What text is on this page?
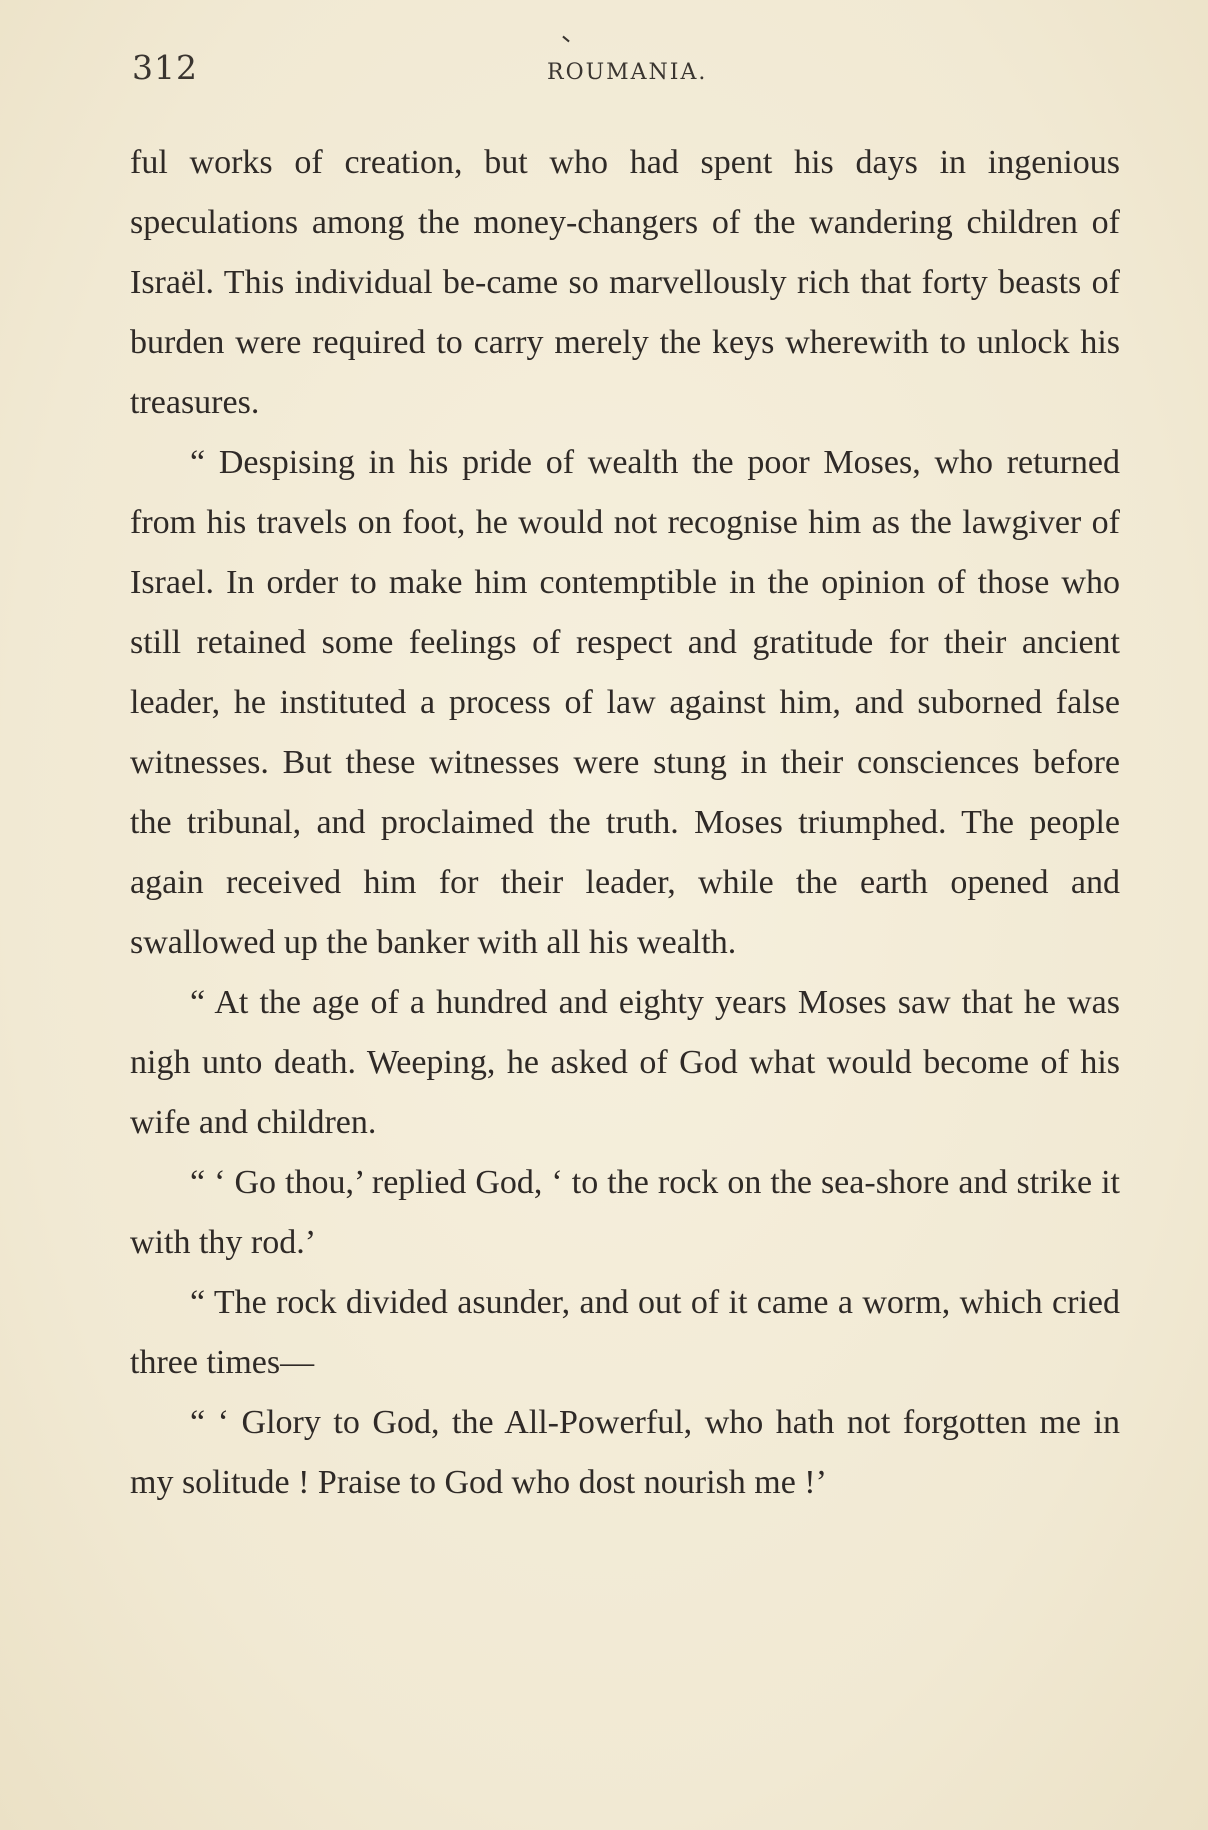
312	ROUMANIA.

ful works of creation, but who had spent his days in ingenious speculations among the money-changers of the wandering children of Israël. This individual be-came so marvellously rich that forty beasts of burden were required to carry merely the keys wherewith to unlock his treasures.

“ Despising in his pride of wealth the poor Moses, who returned from his travels on foot, he would not recognise him as the lawgiver of Israel. In order to make him contemptible in the opinion of those who still retained some feelings of respect and gratitude for their ancient leader, he instituted a process of law against him, and suborned false witnesses. But these witnesses were stung in their consciences before the tribunal, and proclaimed the truth. Moses triumphed. The people again received him for their leader, while the earth opened and swallowed up the banker with all his wealth.

“ At the age of a hundred and eighty years Moses saw that he was nigh unto death. Weeping, he asked of God what would become of his wife and children.

“ ‘ Go thou,’ replied God, ‘ to the rock on the sea-shore and strike it with thy rod.’

“ The rock divided asunder, and out of it came a worm, which cried three times—

“ ‘ Glory to God, the All-Powerful, who hath not forgotten me in my solitude ! Praise to God who dost nourish me !’
